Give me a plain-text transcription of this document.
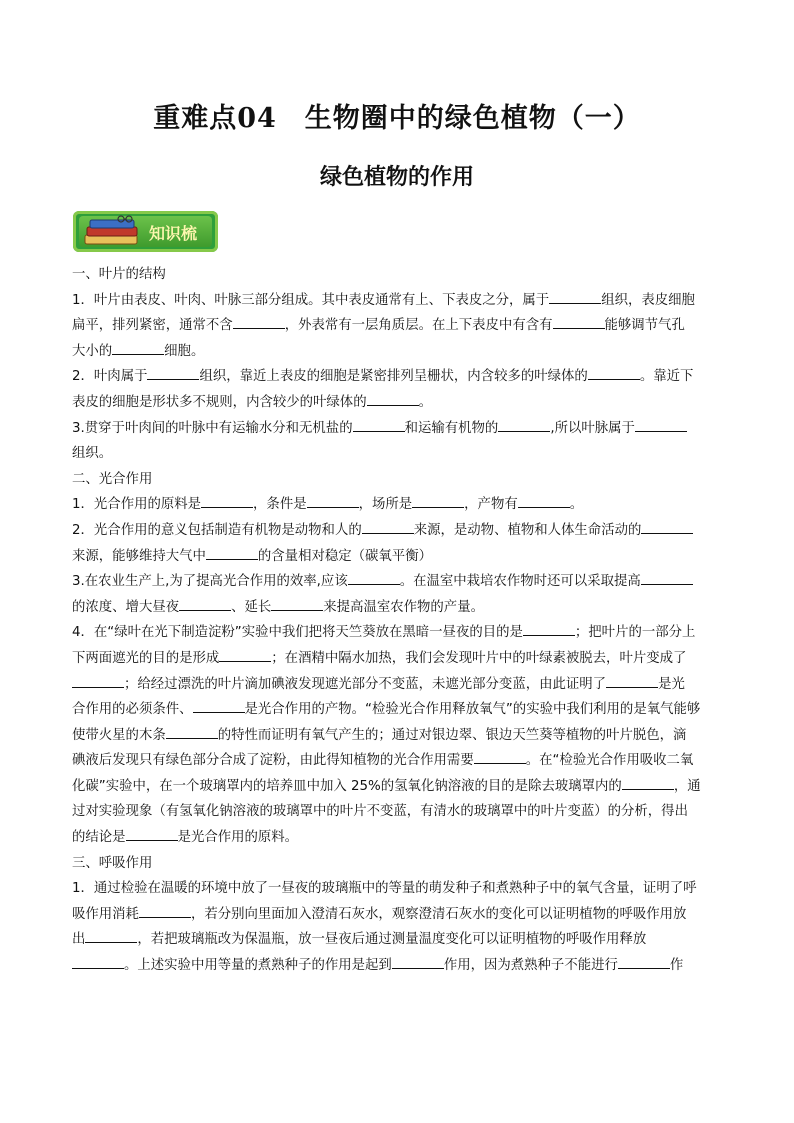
重难点04　生物圈中的绿色植物（一）
绿色植物的作用
知识梳

一、叶片的结构

1．叶片由表皮、叶肉、叶脉三部分组成。其中表皮通常有上、下表皮之分，属于	组织，表皮细胞

扁平，排列紧密，通常不含	，外表常有一层角质层。在上下表皮中有含有	能够调节气孔

大小的	细胞。

2．叶肉属于	组织，靠近上表皮的细胞是紧密排列呈栅状，内含较多的叶绿体的	。靠近下

表皮的细胞是形状多不规则，内含较少的叶绿体的	。

3.贯穿于叶肉间的叶脉中有运输水分和无机盐的	和运输有机物的	,所以叶脉属于

组织。

二、光合作用

1．光合作用的原料是	，条件是	，场所是	，产物有	。

2．光合作用的意义包括制造有机物是动物和人的	来源，是动物、植物和人体生命活动的

来源，能够维持大气中	的含量相对稳定（碳氧平衡）

3.在农业生产上,为了提高光合作用的效率,应该	。在温室中栽培农作物时还可以采取提高

的浓度、增大昼夜	、延长	来提高温室农作物的产量。

4．在“绿叶在光下制造淀粉”实验中我们把将天竺葵放在黑暗一昼夜的目的是	；把叶片的一部分上

下两面遮光的目的是形成	；在酒精中隔水加热，我们会发现叶片中的叶绿素被脱去，叶片变成了

；给经过漂洗的叶片滴加碘液发现遮光部分不变蓝，未遮光部分变蓝，由此证明了	是光

合作用的必须条件、	是光合作用的产物。“检验光合作用释放氧气”的实验中我们利用的是氧气能够

使带火星的木条	的特性而证明有氧气产生的；通过对银边翠、银边天竺葵等植物的叶片脱色，滴

碘液后发现只有绿色部分合成了淀粉，由此得知植物的光合作用需要	。在“检验光合作用吸收二氧

化碳”实验中，在一个玻璃罩内的培养皿中加入 25%的氢氧化钠溶液的目的是除去玻璃罩内的	，通

过对实验现象（有氢氧化钠溶液的玻璃罩中的叶片不变蓝，有清水的玻璃罩中的叶片变蓝）的分析，得出

的结论是	是光合作用的原料。

三、呼吸作用

1．通过检验在温暖的环境中放了一昼夜的玻璃瓶中的等量的萌发种子和煮熟种子中的氧气含量，证明了呼

吸作用消耗	，若分别向里面加入澄清石灰水，观察澄清石灰水的变化可以证明植物的呼吸作用放

出	，若把玻璃瓶改为保温瓶，放一昼夜后通过测量温度变化可以证明植物的呼吸作用释放

。上述实验中用等量的煮熟种子的作用是起到	作用，因为煮熟种子不能进行	作
